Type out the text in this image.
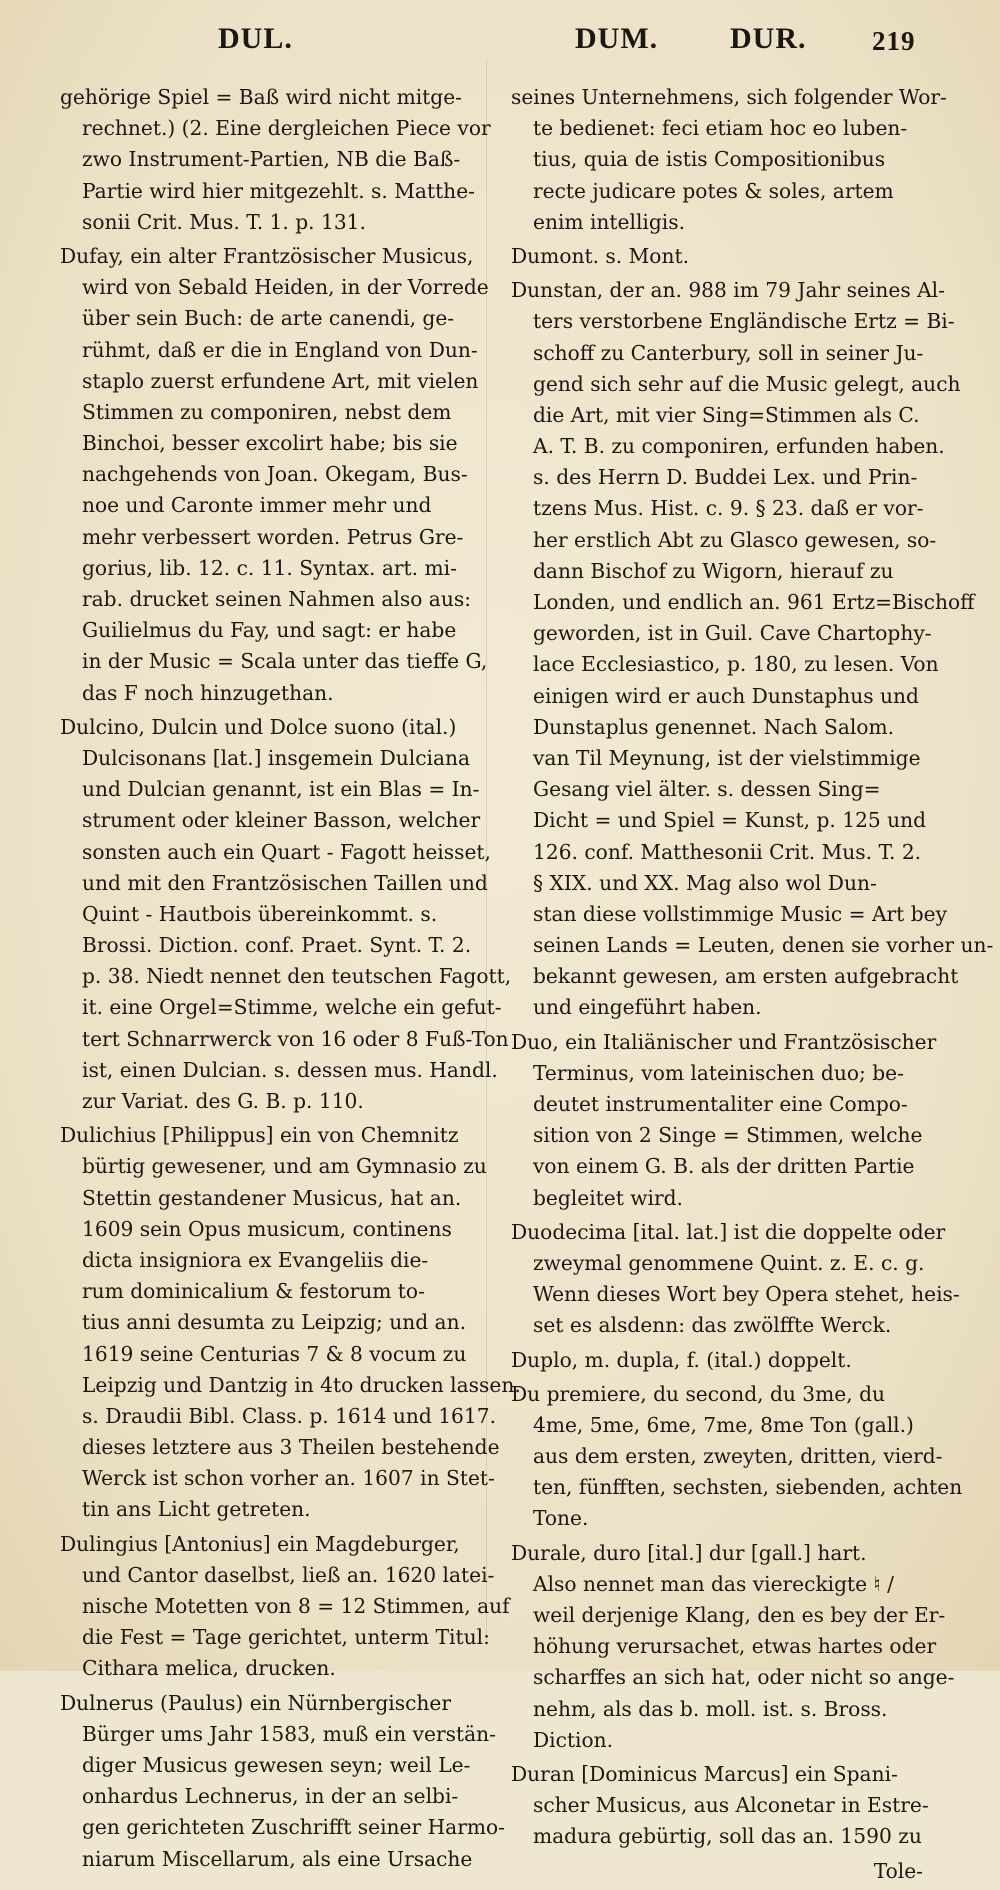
DUL.	DUM. DUR. 219
gehörige Spiel = Baß wird nicht mitge-
rechnet.) (2. Eine dergleichen Piece vor
zwo Instrument-Partien, NB die Baß-
Partie wird hier mitgezehlt. s. Matthe-
sonii Crit. Mus. T. 1. p. 131.
Dufay, ein alter Frantzösischer Musicus,
wird von Sebald Heiden, in der Vorrede
über sein Buch: de arte canendi, ge-
rühmt, daß er die in England von Dun-
staplo zuerst erfundene Art, mit vielen
Stimmen zu componiren, nebst dem
Binchoi, besser excolirt habe; bis sie
nachgehends von Joan. Okegam, Bus-
noe und Caronte immer mehr und
mehr verbessert worden. Petrus Gre-
gorius, lib. 12. c. 11. Syntax. art. mi-
rab. drucket seinen Nahmen also aus:
Guilielmus du Fay, und sagt: er habe
in der Music = Scala unter das tieffe G,
das F noch hinzugethan.
Dulcino, Dulcin und Dolce suono (ital.)
Dulcisonans [lat.] insgemein Dulciana
und Dulcian genannt, ist ein Blas = In-
strument oder kleiner Basson, welcher
sonsten auch ein Quart - Fagott heisset,
und mit den Frantzösischen Taillen und
Quint - Hautbois übereinkommt. s.
Brossi. Diction. conf. Praet. Synt. T. 2.
p. 38. Niedt nennet den teutschen Fagott,
it. eine Orgel=Stimme, welche ein gefut-
tert Schnarrwerck von 16 oder 8 Fuß-Ton
ist, einen Dulcian. s. dessen mus. Handl.
zur Variat. des G. B. p. 110.
Dulichius [Philippus] ein von Chemnitz
bürtig gewesener, und am Gymnasio zu
Stettin gestandener Musicus, hat an.
1609 sein Opus musicum, continens
dicta insigniora ex Evangeliis die-
rum dominicalium & festorum to-
tius anni desumta zu Leipzig; und an.
1619 seine Centurias 7 & 8 vocum zu
Leipzig und Dantzig in 4to drucken lassen.
s. Draudii Bibl. Class. p. 1614 und 1617.
dieses letztere aus 3 Theilen bestehende
Werck ist schon vorher an. 1607 in Stet-
tin ans Licht getreten.
Dulingius [Antonius] ein Magdeburger,
und Cantor daselbst, ließ an. 1620 latei-
nische Motetten von 8 = 12 Stimmen, auf
die Fest = Tage gerichtet, unterm Titul:
Cithara melica, drucken.
Dulnerus (Paulus) ein Nürnbergischer
Bürger ums Jahr 1583, muß ein verstän-
diger Musicus gewesen seyn; weil Le-
onhardus Lechnerus, in der an selbi-
gen gerichteten Zuschrifft seiner Harmo-
niarum Miscellarum, als eine Ursache
seines Unternehmens, sich folgender Wor-
te bedienet: feci etiam hoc eo luben-
tius, quia de istis Compositionibus
recte judicare potes & soles, artem
enim intelligis.
Dumont. s. Mont.
Dunstan, der an. 988 im 79 Jahr seines Al-
ters verstorbene Engländische Ertz = Bi-
schoff zu Canterbury, soll in seiner Ju-
gend sich sehr auf die Music gelegt, auch
die Art, mit vier Sing=Stimmen als C.
A. T. B. zu componiren, erfunden haben.
s. des Herrn D. Buddei Lex. und Prin-
tzens Mus. Hist. c. 9. § 23. daß er vor-
her erstlich Abt zu Glasco gewesen, so-
dann Bischof zu Wigorn, hierauf zu
Londen, und endlich an. 961 Ertz=Bischoff
geworden, ist in Guil. Cave Chartophy-
lace Ecclesiastico, p. 180, zu lesen. Von
einigen wird er auch Dunstaphus und
Dunstaplus genennet. Nach Salom.
van Til Meynung, ist der vielstimmige
Gesang viel älter. s. dessen Sing=
Dicht = und Spiel = Kunst, p. 125 und
126. conf. Matthesonii Crit. Mus. T. 2.
§ XIX. und XX. Mag also wol Dun-
stan diese vollstimmige Music = Art bey
seinen Lands = Leuten, denen sie vorher un-
bekannt gewesen, am ersten aufgebracht
und eingeführt haben.
Duo, ein Italiänischer und Frantzösischer
Terminus, vom lateinischen duo; be-
deutet instrumentaliter eine Compo-
sition von 2 Singe = Stimmen, welche
von einem G. B. als der dritten Partie
begleitet wird.
Duodecima [ital. lat.] ist die doppelte oder
zweymal genommene Quint. z. E. c. g.
Wenn dieses Wort bey Opera stehet, heis-
set es alsdenn: das zwölffte Werck.
Duplo, m. dupla, f. (ital.) doppelt.
Du premiere, du second, du 3me, du
4me, 5me, 6me, 7me, 8me Ton (gall.)
aus dem ersten, zweyten, dritten, vierd-
ten, fünfften, sechsten, siebenden, achten
Tone.
Durale, duro [ital.] dur [gall.] hart.
Also nennet man das viereckigte ♮ /
weil derjenige Klang, den es bey der Er-
höhung verursachet, etwas hartes oder
scharffes an sich hat, oder nicht so ange-
nehm, als das b. moll. ist. s. Bross.
Diction.
Duran [Dominicus Marcus] ein Spani-
scher Musicus, aus Alconetar in Estre-
madura gebürtig, soll das an. 1590 zu
Tole-
